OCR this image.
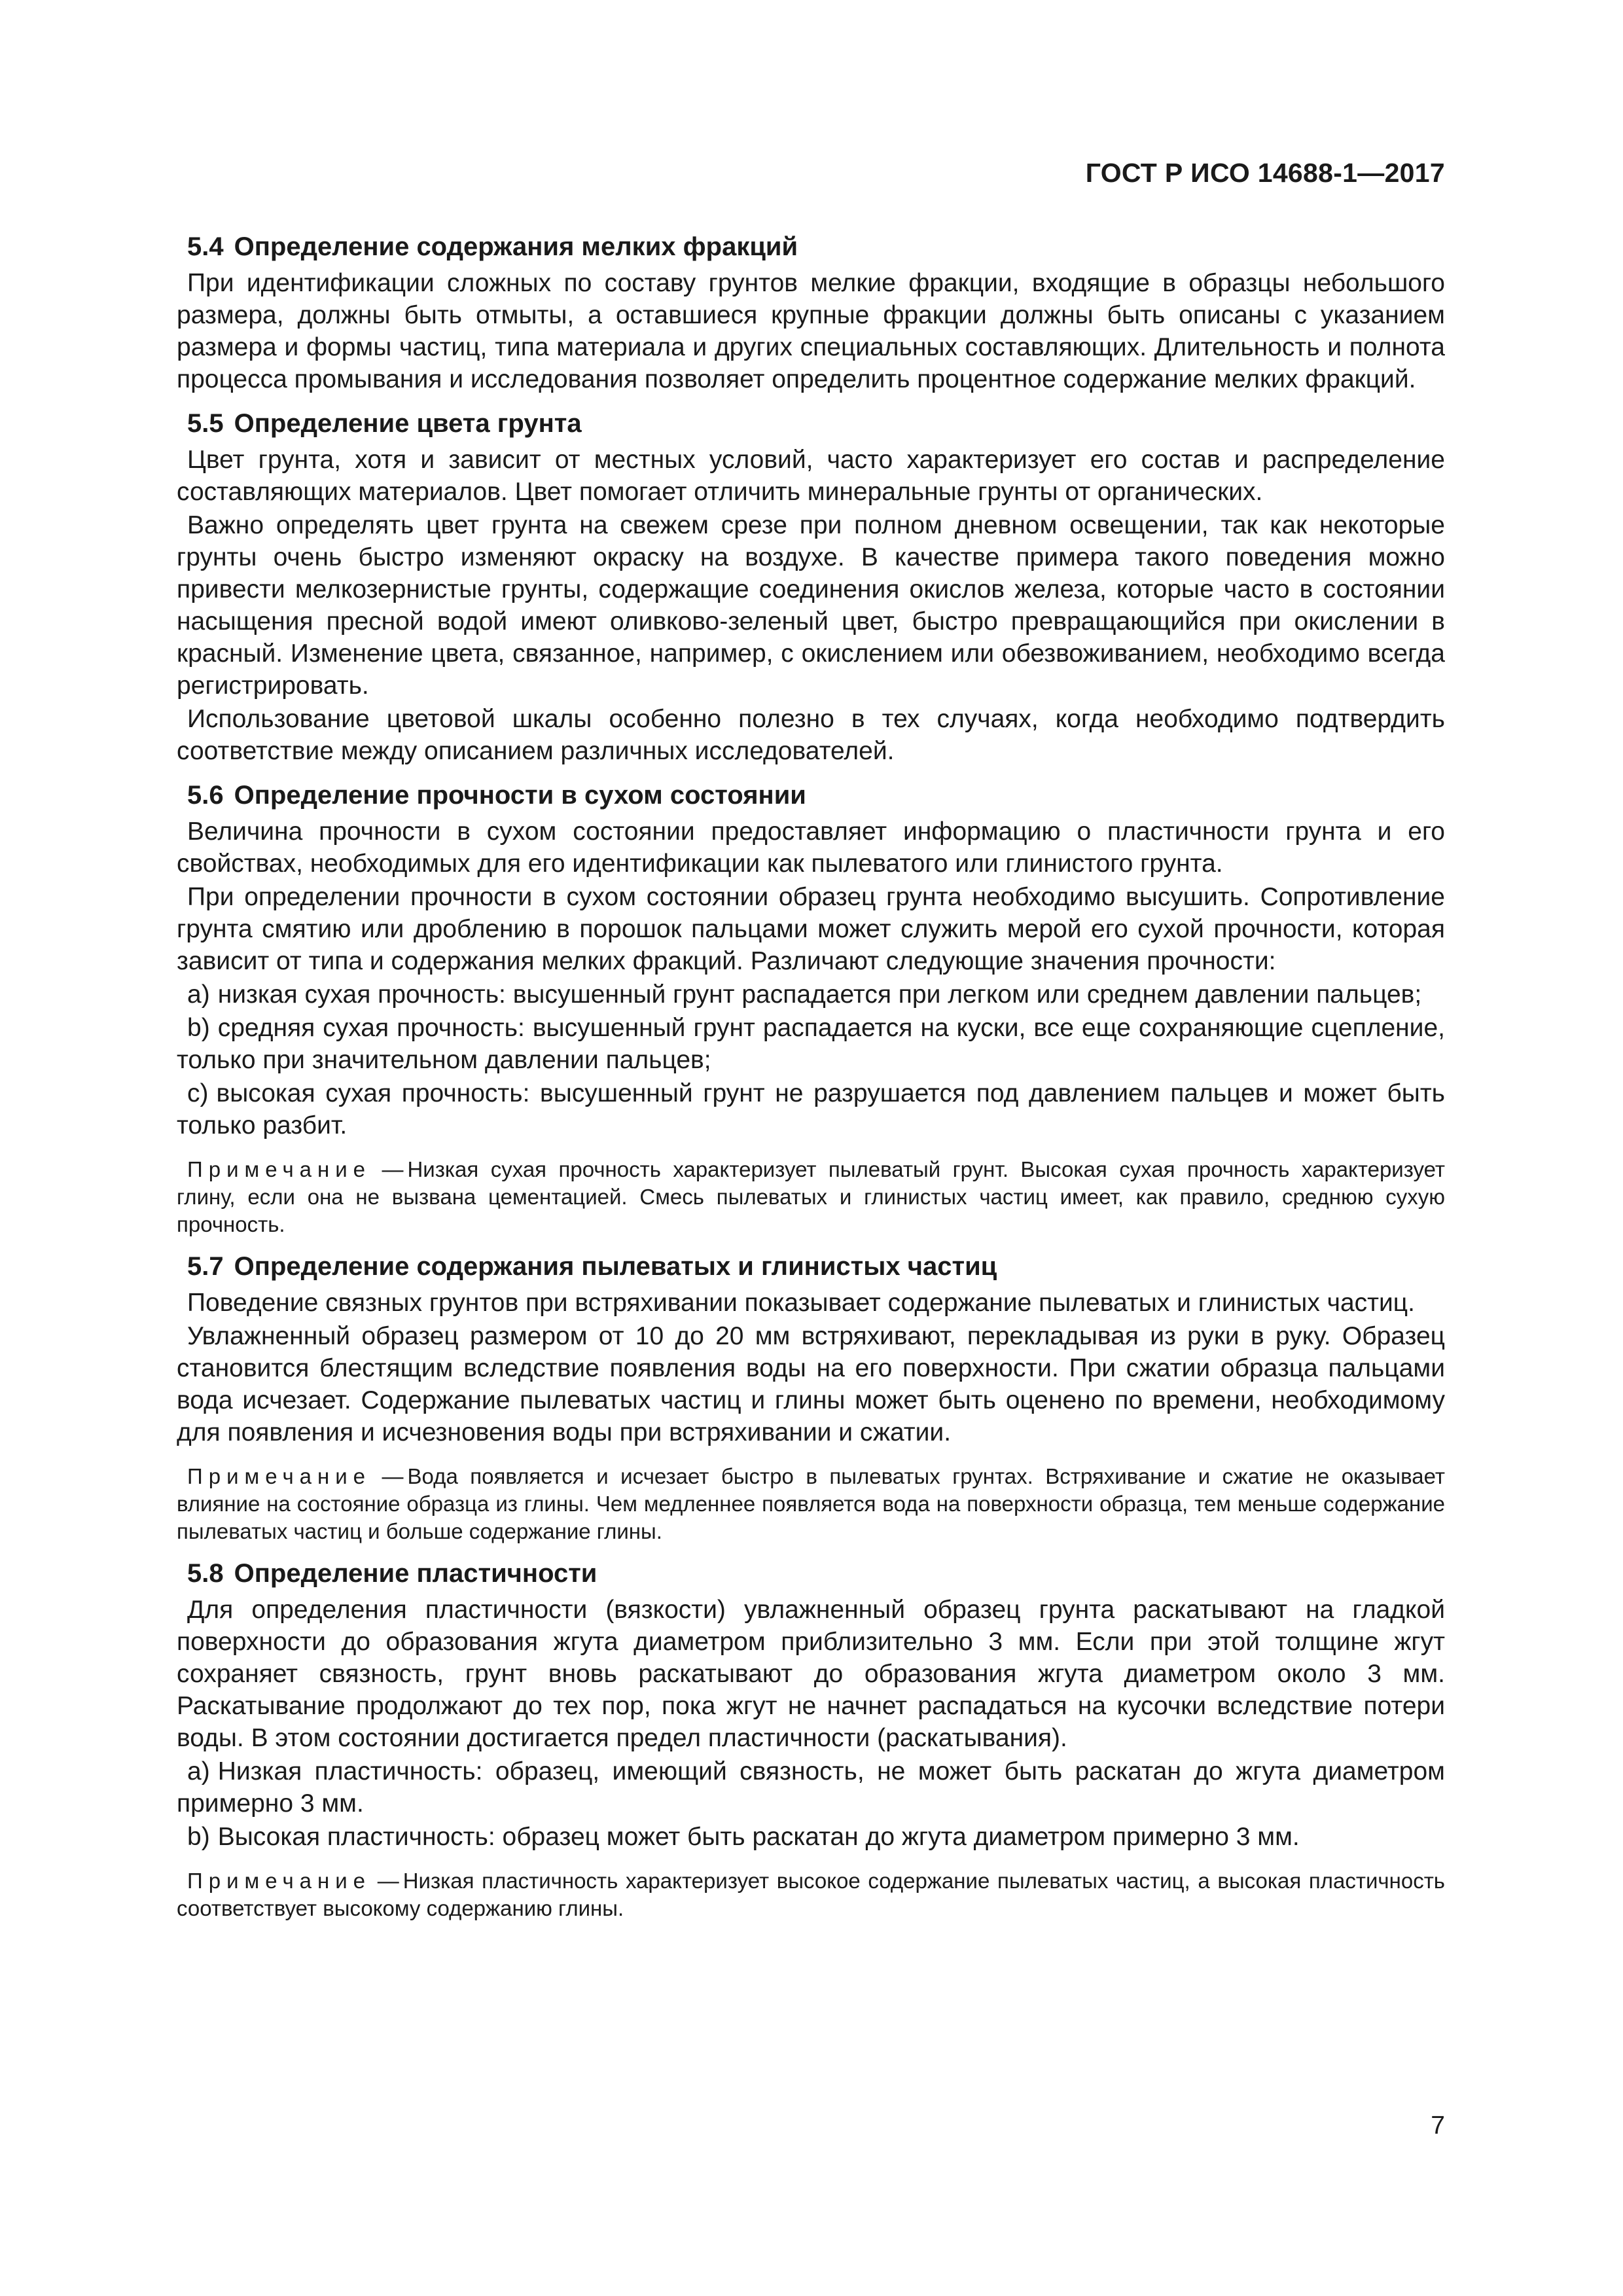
ГОСТ Р ИСО 14688-1—2017
5.4 Определение содержания мелких фракций

При идентификации сложных по составу грунтов мелкие фракции, входящие в образцы небольшого размера, должны быть отмыты, а оставшиеся крупные фракции должны быть описаны с указанием размера и формы частиц, типа материала и других специальных составляющих. Длительность и полнота процесса промывания и исследования позволяет определить процентное содержание мелких фракций.

5.5 Определение цвета грунта

Цвет грунта, хотя и зависит от местных условий, часто характеризует его состав и распределение составляющих материалов. Цвет помогает отличить минеральные грунты от органических.

Важно определять цвет грунта на свежем срезе при полном дневном освещении, так как некоторые грунты очень быстро изменяют окраску на воздухе. В качестве примера такого поведения можно привести мелкозернистые грунты, содержащие соединения окислов железа, которые часто в состоянии насыщения пресной водой имеют оливково-зеленый цвет, быстро превращающийся при окислении в красный. Изменение цвета, связанное, например, с окислением или обезвоживанием, необходимо всегда регистрировать.

Использование цветовой шкалы особенно полезно в тех случаях, когда необходимо подтвердить соответствие между описанием различных исследователей.

5.6 Определение прочности в сухом состоянии

Величина прочности в сухом состоянии предоставляет информацию о пластичности грунта и его свойствах, необходимых для его идентификации как пылеватого или глинистого грунта.

При определении прочности в сухом состоянии образец грунта необходимо высушить. Сопротивление грунта смятию или дроблению в порошок пальцами может служить мерой его сухой прочности, которая зависит от типа и содержания мелких фракций. Различают следующие значения прочности:

a) низкая сухая прочность: высушенный грунт распадается при легком или среднем давлении пальцев;

b) средняя сухая прочность: высушенный грунт распадается на куски, все еще сохраняющие сцепление, только при значительном давлении пальцев;

c) высокая сухая прочность: высушенный грунт не разрушается под давлением пальцев и может быть только разбит.

Примечание — Низкая сухая прочность характеризует пылеватый грунт. Высокая сухая прочность характеризует глину, если она не вызвана цементацией. Смесь пылеватых и глинистых частиц имеет, как правило, среднюю сухую прочность.

5.7 Определение содержания пылеватых и глинистых частиц

Поведение связных грунтов при встряхивании показывает содержание пылеватых и глинистых частиц.

Увлажненный образец размером от 10 до 20 мм встряхивают, перекладывая из руки в руку. Образец становится блестящим вследствие появления воды на его поверхности. При сжатии образца пальцами вода исчезает. Содержание пылеватых частиц и глины может быть оценено по времени, необходимому для появления и исчезновения воды при встряхивании и сжатии.

Примечание — Вода появляется и исчезает быстро в пылеватых грунтах. Встряхивание и сжатие не оказывает влияние на состояние образца из глины. Чем медленнее появляется вода на поверхности образца, тем меньше содержание пылеватых частиц и больше содержание глины.

5.8 Определение пластичности

Для определения пластичности (вязкости) увлажненный образец грунта раскатывают на гладкой поверхности до образования жгута диаметром приблизительно 3 мм. Если при этой толщине жгут сохраняет связность, грунт вновь раскатывают до образования жгута диаметром около 3 мм. Раскатывание продолжают до тех пор, пока жгут не начнет распадаться на кусочки вследствие потери воды. В этом состоянии достигается предел пластичности (раскатывания).

a) Низкая пластичность: образец, имеющий связность, не может быть раскатан до жгута диаметром примерно 3 мм.

b) Высокая пластичность: образец может быть раскатан до жгута диаметром примерно 3 мм.

Примечание — Низкая пластичность характеризует высокое содержание пылеватых частиц, а высокая пластичность соответствует высокому содержанию глины.

7
